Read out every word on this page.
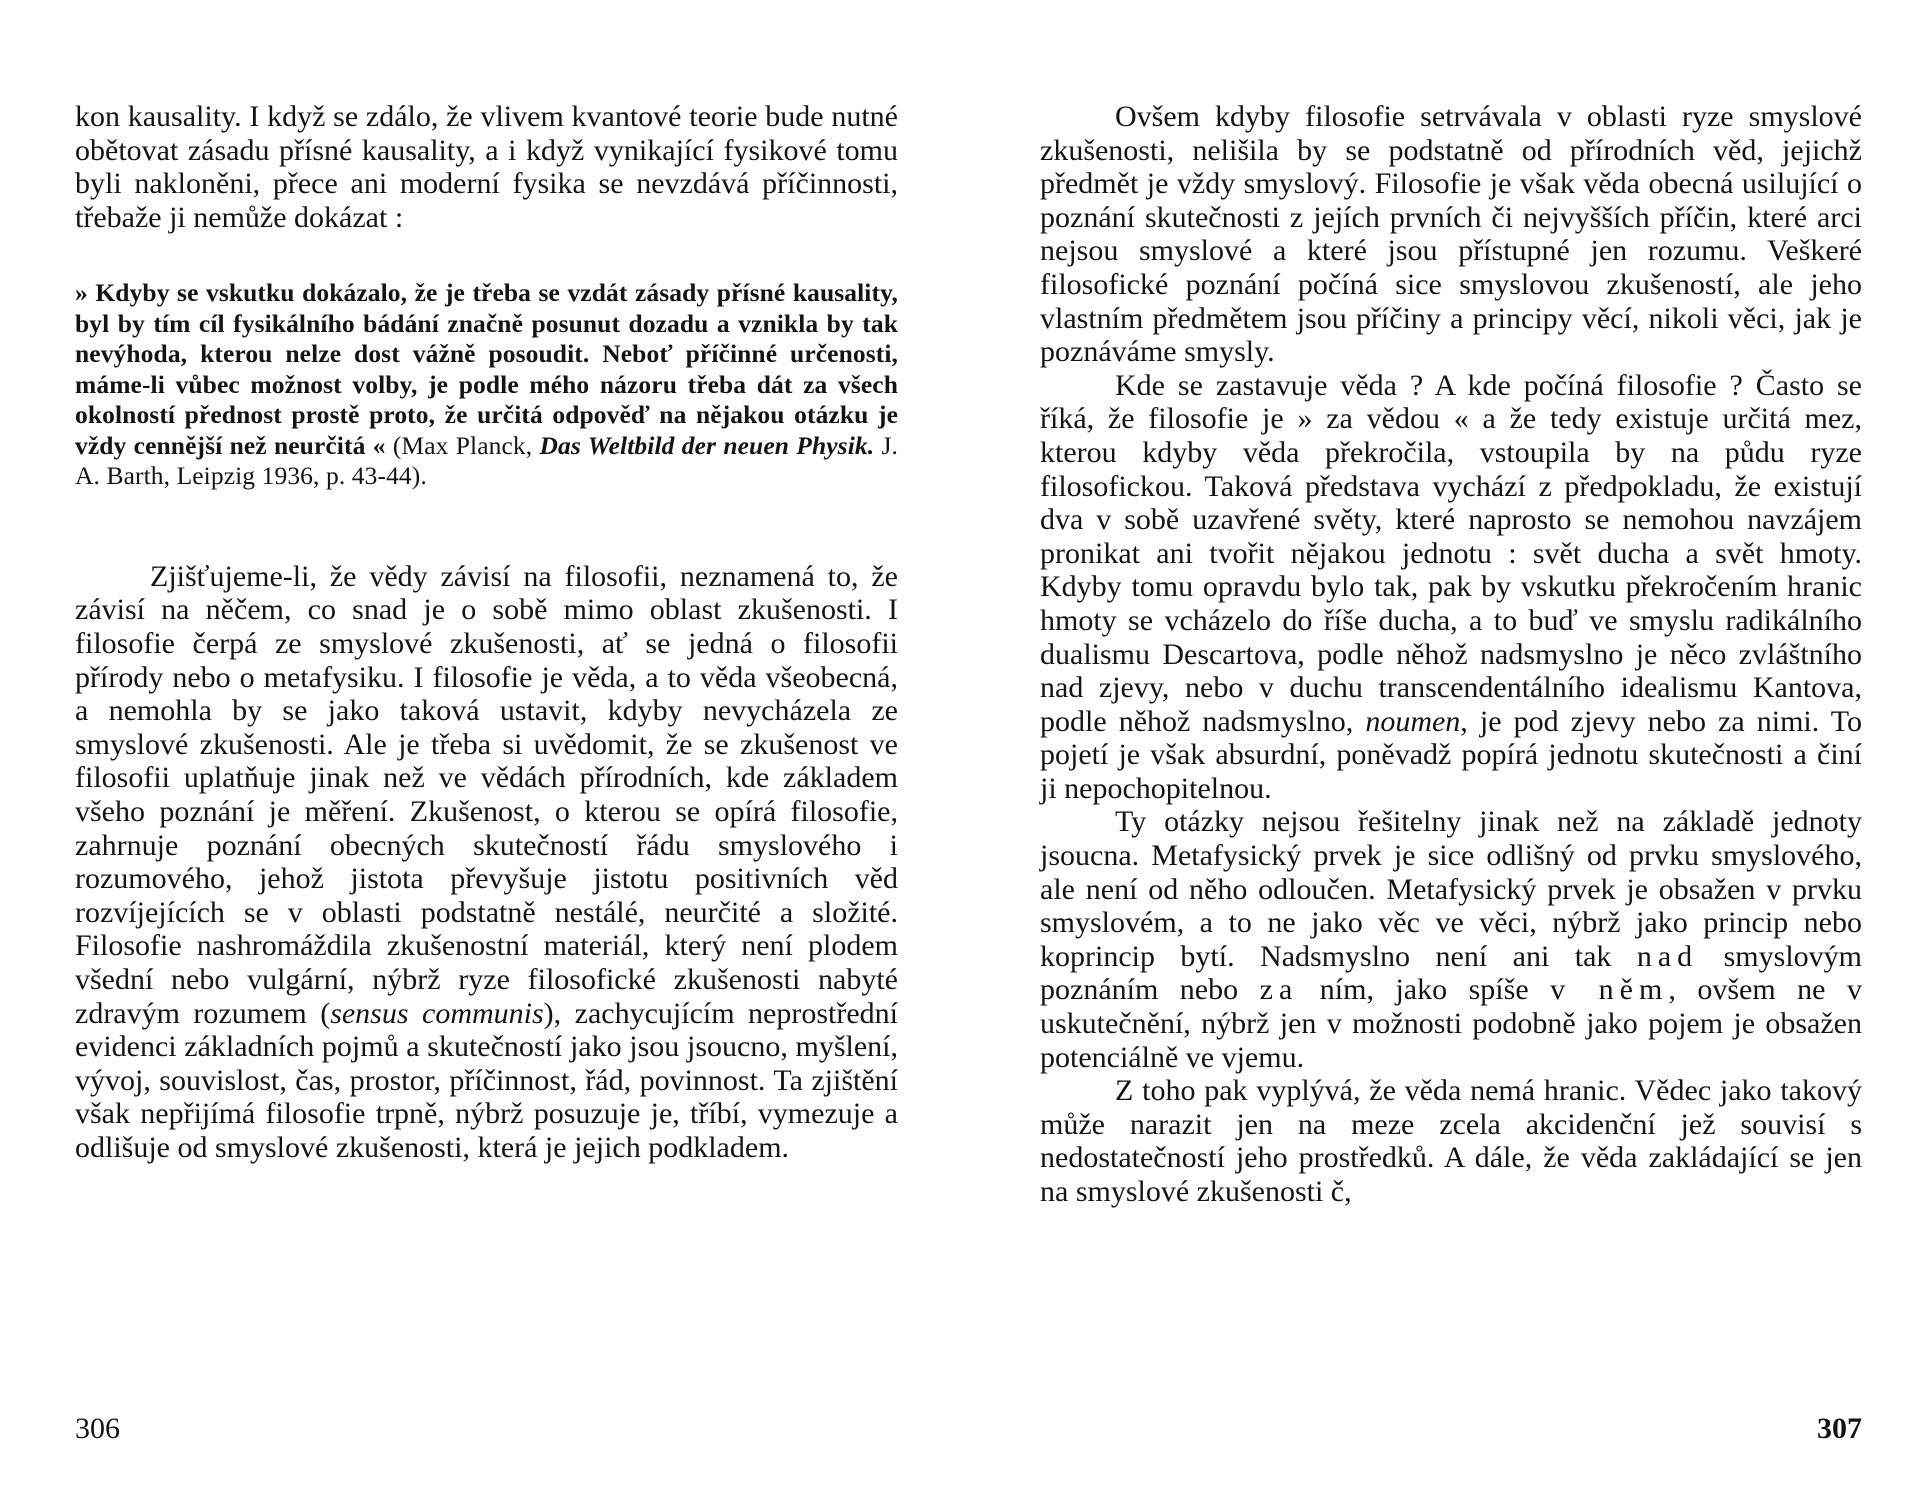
kon kausality. I když se zdálo, že vlivem kvantové teorie bude nutné obětovat zásadu přísné kausality, a i když vynikající fysikové tomu byli nakloněni, přece ani moderní fysika se nevzdává příčinnosti, třebaže ji nemůže dokázat :

» Kdyby se vskutku dokázalo, že je třeba se vzdát zásady přísné kausality, byl by tím cíl fysikálního bádání značně posunut dozadu a vznikla by tak nevýhoda, kterou nelze dost vážně posoudit. Neboť příčinné určenosti, máme-li vůbec možnost volby, je podle mého názoru třeba dát za všech okolností přednost prostě proto, že určitá odpověď na nějakou otázku je vždy cennější než neurčitá « (Max Planck, Das Weltbild der neuen Physik. J. A. Barth, Leipzig 1936, p. 43-44).

Zjišťujeme-li, že vědy závisí na filosofii, neznamená to, že závisí na něčem, co snad je o sobě mimo oblast zkušenosti. I filosofie čerpá ze smyslové zkušenosti, ať se jedná o filosofii přírody nebo o metafysiku. I filosofie je věda, a to věda všeobecná, a nemohla by se jako taková ustavit, kdyby nevycházela ze smyslové zkušenosti. Ale je třeba si uvědomit, že se zkušenost ve filosofii uplatňuje jinak než ve vědách přírodních, kde základem všeho poznání je měření. Zkušenost, o kterou se opírá filosofie, zahrnuje poznání obecných skutečností řádu smyslového i rozumového, jehož jistota převyšuje jistotu positivních věd rozvíjejících se v oblasti podstatně nestálé, neurčité a složité. Filosofie nashromáždila zkušenostní materiál, který není plodem všední nebo vulgární, nýbrž ryze filosofické zkušenosti nabyté zdravým rozumem (sensus communis), zachycujícím neprostřední evidenci základních pojmů a skutečností jako jsou jsoucno, myšlení, vývoj, souvislost, čas, prostor, příčinnost, řád, povinnost. Ta zjištění však nepřijímá filosofie trpně, nýbrž posuzuje je, tříbí, vymezuje a odlišuje od smyslové zkušenosti, která je jejich podkladem.

306

Ovšem kdyby filosofie setrvávala v oblasti ryze smyslové zkušenosti, nelišila by se podstatně od přírodních věd, jejichž předmět je vždy smyslový. Filosofie je však věda obecná usilující o poznání skutečnosti z jejích prvních či nejvyšších příčin, které arci nejsou smyslové a které jsou přístupné jen rozumu. Veškeré filosofické poznání počíná sice smyslovou zkušeností, ale jeho vlastním předmětem jsou příčiny a principy věcí, nikoli věci, jak je poznáváme smysly.

Kde se zastavuje věda ? A kde počíná filosofie ? Často se říká, že filosofie je » za vědou « a že tedy existuje určitá mez, kterou kdyby věda překročila, vstoupila by na půdu ryze filosofickou. Taková představa vychází z předpokladu, že existují dva v sobě uzavřené světy, které naprosto se nemohou navzájem pronikat ani tvořit nějakou jednotu : svět ducha a svět hmoty. Kdyby tomu opravdu bylo tak, pak by vskutku překročením hranic hmoty se vcházelo do říše ducha, a to buď ve smyslu radikálního dualismu Descartova, podle něhož nadsmyslno je něco zvláštního nad zjevy, nebo v duchu transcendentálního idealismu Kantova, podle něhož nadsmyslno, noumen, je pod zjevy nebo za nimi. To pojetí je však absurdní, poněvadž popírá jednotu skutečnosti a činí ji nepochopitelnou.

Ty otázky nejsou řešitelny jinak než na základě jednoty jsoucna. Metafysický prvek je sice odlišný od prvku smyslového, ale není od něho odloučen. Metafysický prvek je obsažen v prvku smyslovém, a to ne jako věc ve věci, nýbrž jako princip nebo koprincip bytí. Nadsmyslno není ani tak nad smyslovým poznáním nebo za ním, jako spíše v něm, ovšem ne v uskutečnění, nýbrž jen v možnosti podobně jako pojem je obsažen potenciálně ve vjemu.

Z toho pak vyplývá, že věda nemá hranic. Vědec jako takový může narazit jen na meze zcela akcidenční jež souvisí s nedostatečností jeho prostředků. A dále, že věda zakládající se jen na smyslové zkušenosti č,

307
